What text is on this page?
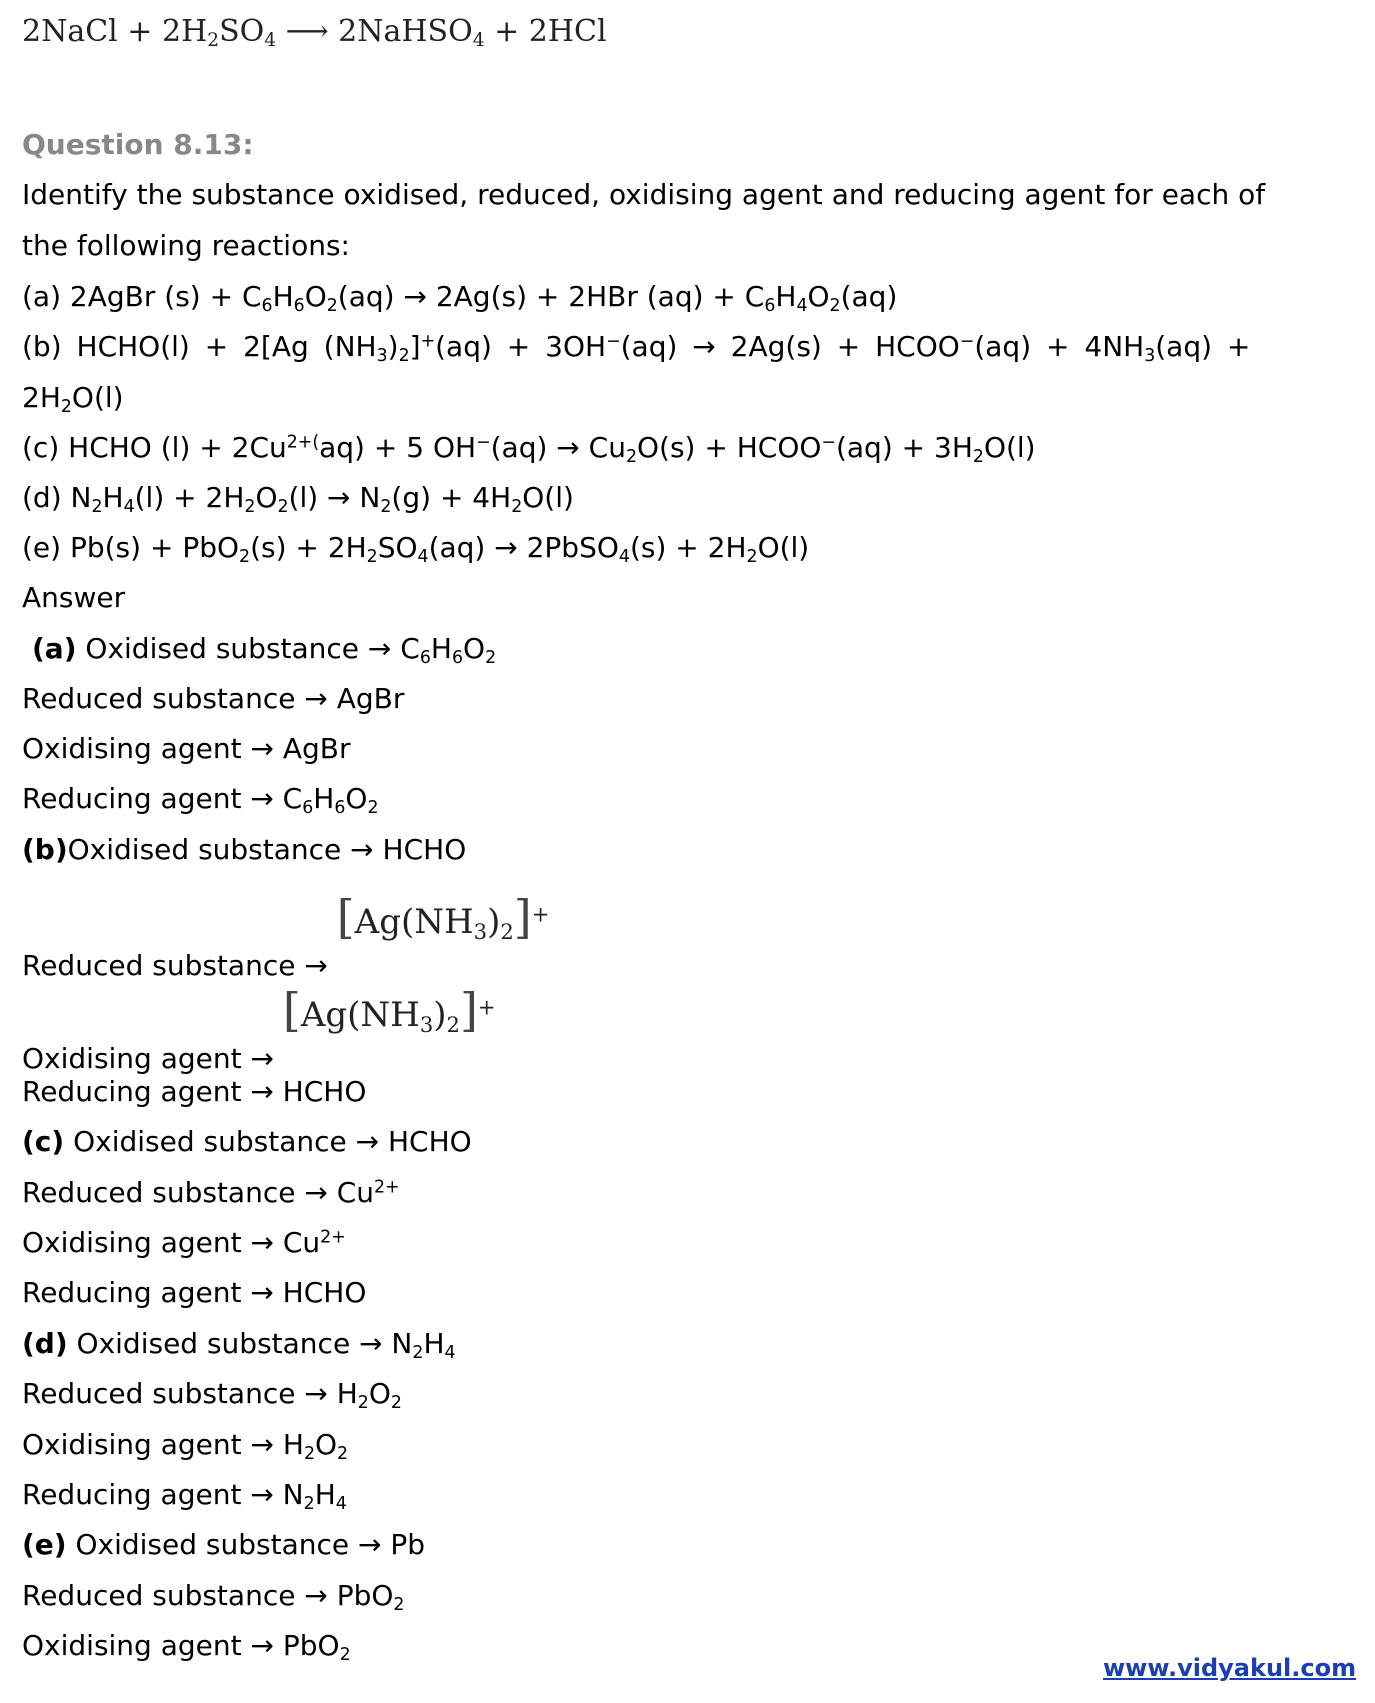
2NaCl + $2H_2SO_4$ ⟶ 2NaHSO$_4$ + 2HCl
Question 8.13:
Identify the substance oxidised, reduced, oxidising agent and reducing agent for each of
the following reactions:
(a) 2AgBr $(s) + C_6H_6O_2(aq) \to 2Ag(s) + 2HBr$ $(aq) + C_6H_4O_2(aq)$
(b) HCHO(l) + 2[Ag $(NH_3)_2]^+(aq) + 3OH^-(aq) \to 2Ag(s)$ + HCOO−(aq) + $4NH_3(aq)$ +
$2H_2O(l)$
(c) HCHO $(l) + 2Cu^{2+(}aq) + 5$ $OH^-(aq) \to Cu_2O(s)$ + HCOO−(aq) + $3H_2O(l)$
(d) $N_2H_4(l) + 2H_2O_2(l) \to N_2(g) + 4H_2O(l)$
(e) $Pb(s) + PbO_2(s) + 2H_2SO_4(aq)$ → 2PbSO$_4$(s) + $2H_2O(l)$
Answer
(a) Oxidised substance → $C_6H_6O_2$
Reduced substance → AgBr
Oxidising agent → AgBr
Reducing agent → $C_6H_6O_2$
(b)Oxidised substance → HCHO
Reduced substance → $[Ag(NH_3)_2]^+$
Oxidising agent → $[Ag(NH_3)_2]^+$
Reducing agent → HCHO
(c) Oxidised substance → HCHO
Reduced substance → $Cu^{2+}$
Oxidising agent → $Cu^{2+}$
Reducing agent → HCHO
(d) Oxidised substance → $N_2H_4$
Reduced substance → $H_2O_2$
Oxidising agent → $H_2O_2$
Reducing agent → $N_2H_4$
(e) Oxidised substance → Pb
Reduced substance → PbO$_2$
Oxidising agent → PbO$_2$	www.vidyakul.com
